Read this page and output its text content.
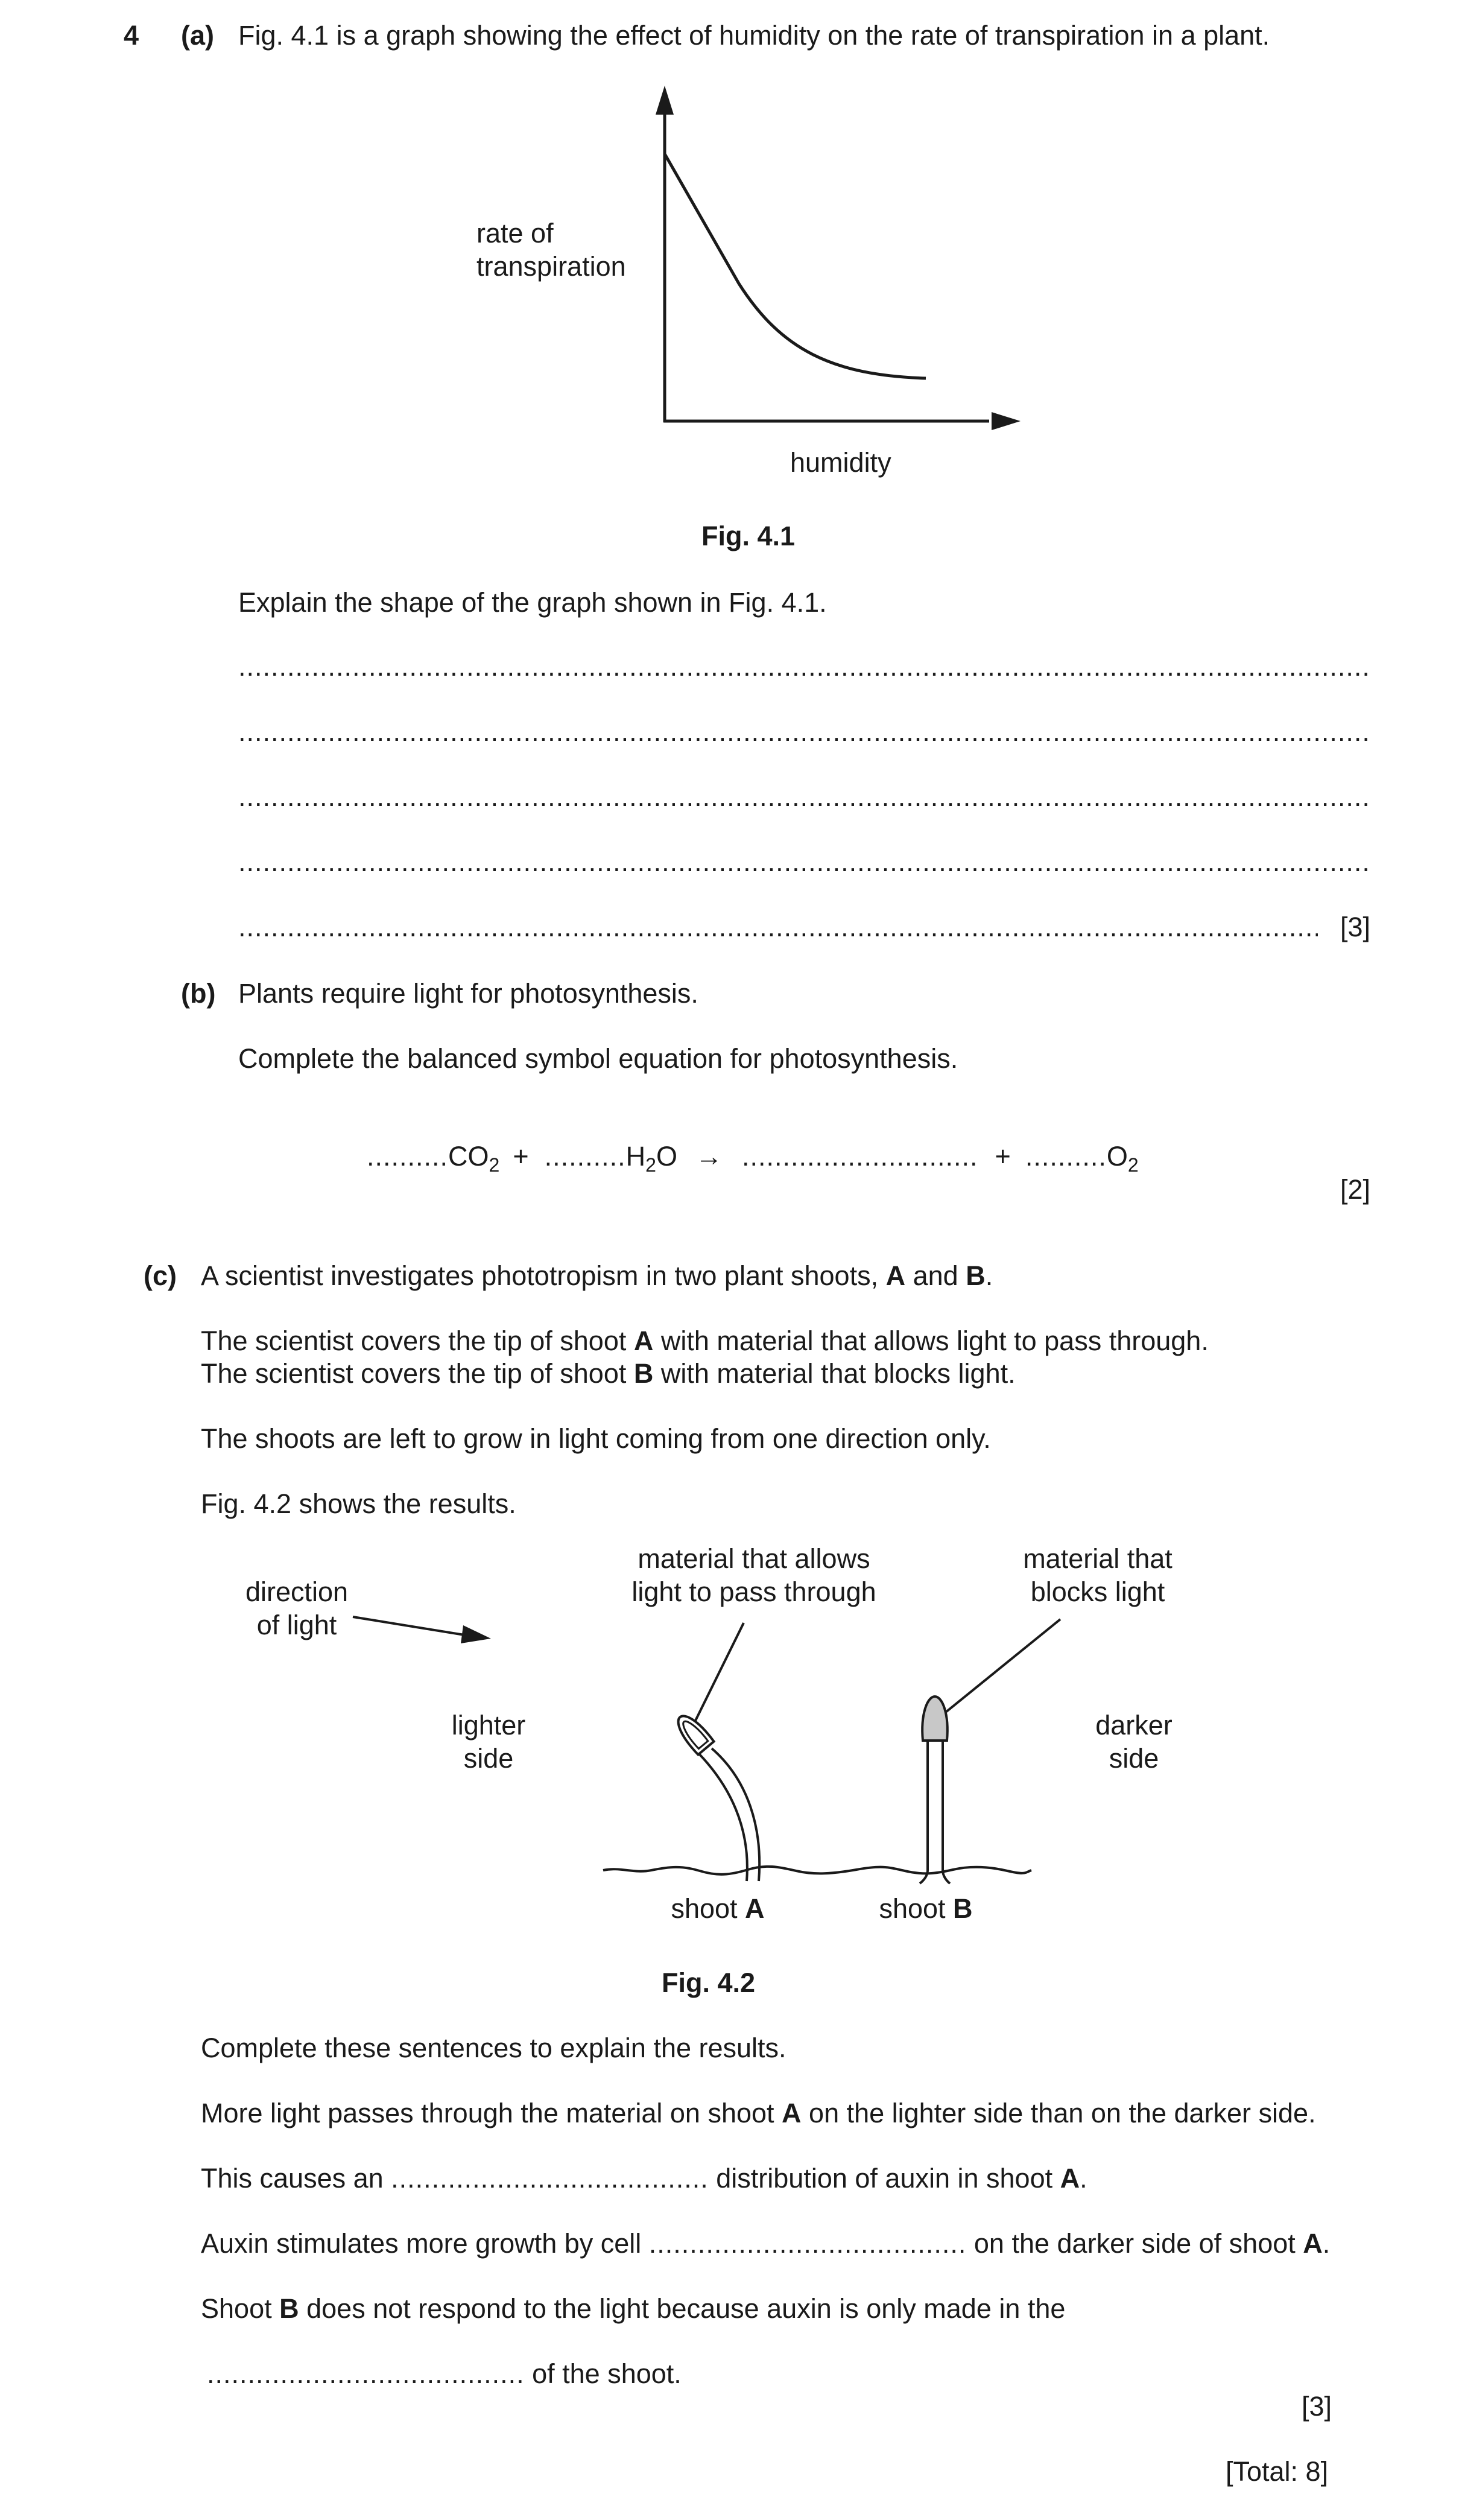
4 (a) Fig. 4.1 is a graph showing the effect of humidity on the rate of transpiration in a plant.
rate of
transpiration
humidity
Fig. 4.1
Explain the shape of the graph shown in Fig. 4.1.
.....
.....
.....
.....
.....
[3]
(b) Plants require light for photosynthesis.
Complete the balanced symbol equation for photosynthesis.
$..........CO_2 + ..........H_2O$ → ............................. + $..........O_2$
[2]
(c) A scientist investigates phototropism in two plant shoots, A and B.
The scientist covers the tip of shoot A with material that allows light to pass through.
The scientist covers the tip of shoot B with material that blocks light.
The shoots are left to grow in light coming from one direction only.
Fig. 4.2 shows the results.
direction
of light
material that allows
light to pass through
material that
blocks light
lighter
side
darker
side
shoot A	shoot B
Fig. 4.2
Complete these sentences to explain the results.
More light passes through the material on shoot A on the lighter side than on the darker side.
This causes an ....................................... distribution of auxin in shoot A.
Auxin stimulates more growth by cell ....................................... on the darker side of shoot A.
Shoot B does not respond to the light because auxin is only made in the
....................................... of the shoot.
[3]
[Total: 8]
